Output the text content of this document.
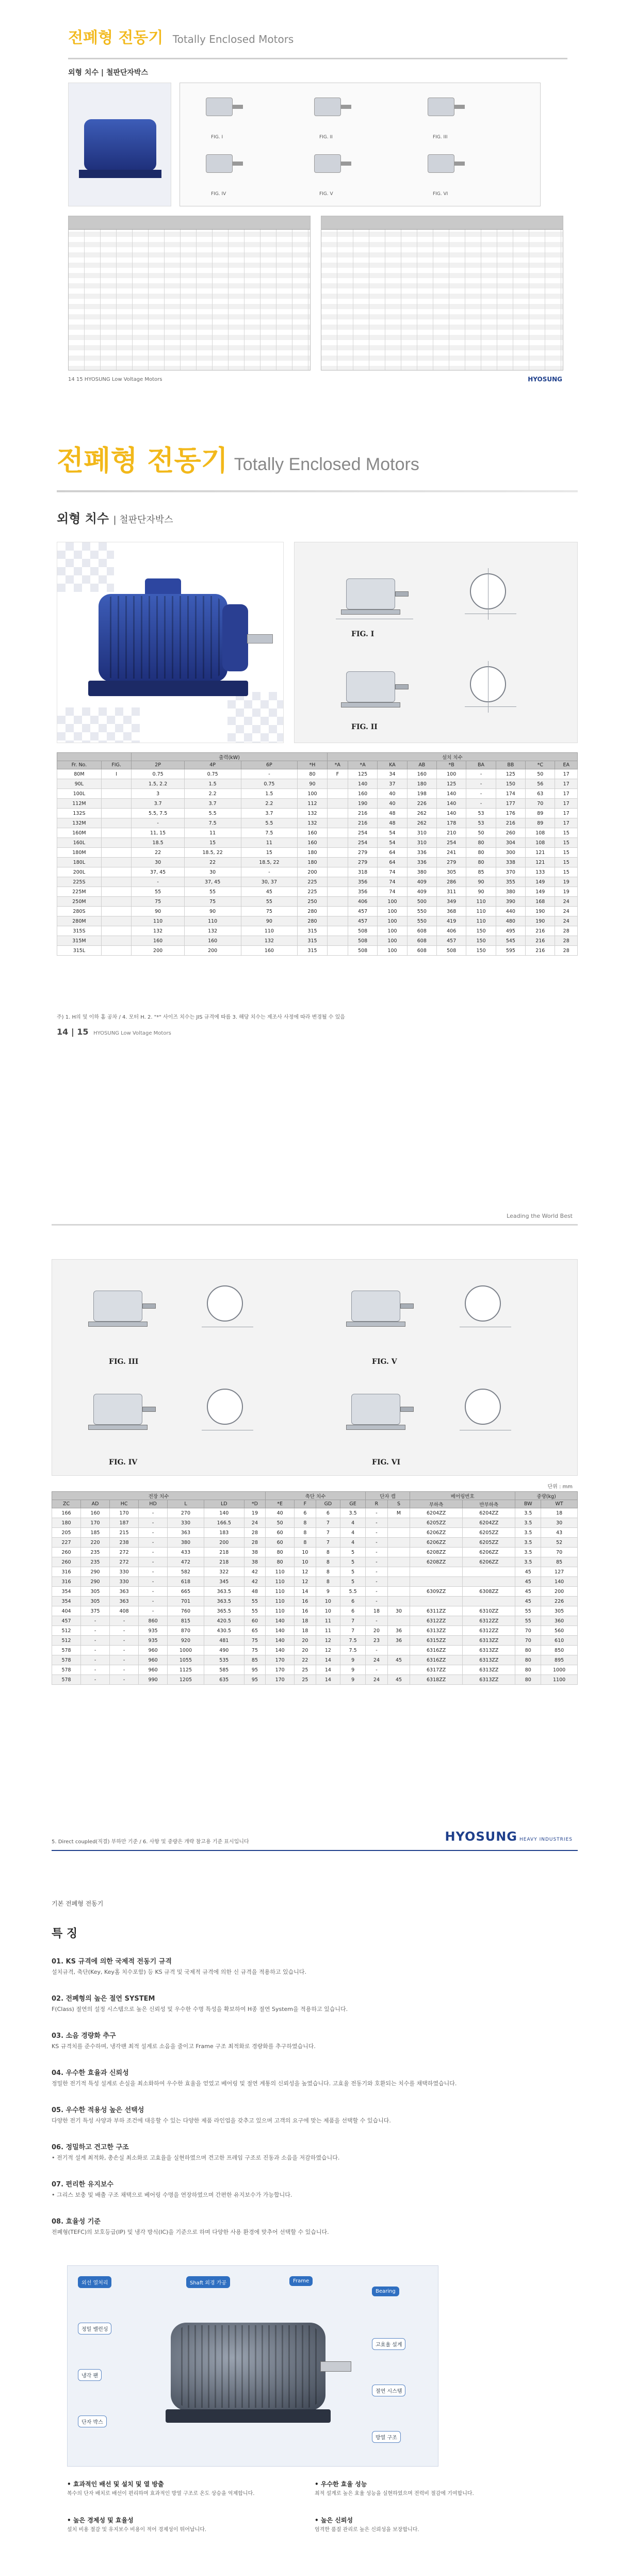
전폐형 전동기 Totally Enclosed Motors
외형 치수 | 철판단자박스
FIG. I	FIG. II	FIG. III
FIG. IV	FIG. V	FIG. VI
14 15 HYOSUNG Low Voltage Motors	HYOSUNG
전폐형 전동기 Totally Enclosed Motors
외형 치수 | 철판단자박스
FIG. I
FIG. II
		출력(kW)				설치 치수								
Fr. No.	FIG.	2P	4P	6P	*H	*A	*A	KA	AB	*B	BA	BB	*C	EA
80M	I	0.75	0.75	-	80	F	125	34	160	100	-	125	50	17
90L		1.5, 2.2	1.5	0.75	90		140	37	180	125	-	150	56	17
100L		3	2.2	1.5	100		160	40	198	140	-	174	63	17
112M		3.7	3.7	2.2	112		190	40	226	140	-	177	70	17
132S		5.5, 7.5	5.5	3.7	132		216	48	262	140	53	176	89	17
132M		-	7.5	5.5	132		216	48	262	178	53	216	89	17
160M		11, 15	11	7.5	160		254	54	310	210	50	260	108	15
160L		18.5	15	11	160		254	54	310	254	80	304	108	15
180M		22	18.5, 22	15	180		279	64	336	241	80	300	121	15
180L		30	22	18.5, 22	180		279	64	336	279	80	338	121	15
200L		37, 45	30	-	200		318	74	380	305	85	370	133	15
225S		-	37, 45	30, 37	225		356	74	409	286	90	355	149	19
225M		55	55	45	225		356	74	409	311	90	380	149	19
250M		75	75	55	250		406	100	500	349	110	390	168	24
280S		90	90	75	280		457	100	550	368	110	440	190	24
280M		110	110	90	280		457	100	550	419	110	480	190	24
315S		132	132	110	315		508	100	608	406	150	495	216	28
315M		160	160	132	315		508	100	608	457	150	545	216	28
315L		200	200	160	315		508	100	608	508	150	595	216	28
주) 1. H의 및 이하 홈 공차 / 4. 모터 H. 2. "*" 사이즈 치수는 JIS 규격에 따름 3. 해당 치수는 제조사 사정에 따라 변경될 수 있음
14 | 15 HYOSUNG Low Voltage Motors
Leading the World Best
FIG. III	FIG. V
FIG. IV	FIG. VI
단위 : mm
전장 치수							축단 치수				단자 캡		베어링번호		중량(kg)	
ZC	AD	HC	HD	L	LD	*D	*E	F	GD	GE	R	S	부하측	반부하측	BW	WT
166	160	170	-	270	140	19	40	6	6	3.5	-	M	6204ZZ	6204ZZ	3.5	18
180	170	187	-	330	166.5	24	50	8	7	4	-		6205ZZ	6204ZZ	3.5	30
205	185	215	-	363	183	28	60	8	7	4	-		6206ZZ	6205ZZ	3.5	43
227	220	238	-	380	200	28	60	8	7	4	-		6206ZZ	6205ZZ	3.5	52
260	235	272	-	433	218	38	80	10	8	5	-		6208ZZ	6206ZZ	3.5	70
260	235	272	-	472	218	38	80	10	8	5	-		6208ZZ	6206ZZ	3.5	85
316	290	330	-	582	322	42	110	12	8	5	-				45	127
316	290	330	-	618	345	42	110	12	8	5	-				45	140
354	305	363	-	665	363.5	48	110	14	9	5.5	-		6309ZZ	6308ZZ	45	200
354	305	363	-	701	363.5	55	110	16	10	6	-				45	226
404	375	408	-	760	365.5	55	110	16	10	6	18	30	6311ZZ	6310ZZ	55	305
457	-	-	860	815	420.5	60	140	18	11	7	-		6312ZZ	6312ZZ	55	360
512	-	-	935	870	430.5	65	140	18	11	7	20	36	6313ZZ	6312ZZ	70	560
512	-	-	935	920	481	75	140	20	12	7.5	23	36	6315ZZ	6313ZZ	70	610
578	-	-	960	1000	490	75	140	20	12	7.5	-		6316ZZ	6313ZZ	80	850
578	-	-	960	1055	535	85	170	22	14	9	24	45	6316ZZ	6313ZZ	80	895
578	-	-	960	1125	585	95	170	25	14	9	-		6317ZZ	6313ZZ	80	1000
578	-	-	990	1205	635	95	170	25	14	9	24	45	6318ZZ	6313ZZ	80	1100
5. Direct coupled(직결) 부하만 기준 / 6. 사항 및 중량은 개략 참고용 기준 표시입니다	HYOSUNG HEAVY INDUSTRIES
기본 전폐형 전동기
특 징
01. KS 규격에 의한 국제적 전동기 규격
설치규격, 축단(Key, Key홈 치수포함) 등 KS 규격 및 국제적 규격에 의한 신 규격을 적용하고 있습니다.
02. 전폐형의 높은 절연 SYSTEM
F(Class) 절연의 설정 시스템으로 높은 신뢰성 및 우수한 수명 특성을 확보하여 H종 절연 System을 적용하고 있습니다.
03. 소음 경량화 추구
KS 규격치를 준수하며, 냉각팬 최적 설계로 소음을 줄이고 Frame 구조 최적화로 경량화를 추구하였습니다.
04. 우수한 효율과 신뢰성
정밀한 전기적 특성 설계로 손실을 최소화하여 우수한 효율을 얻었고 베어링 및 절연 계통의 신뢰성을 높였습니다. 고효율 전동기와 호환되는 치수를 채택하였습니다.
05. 우수한 적용성 높은 선택성
다양한 전기 특성 사양과 부하 조건에 대응할 수 있는 다양한 제품 라인업을 갖추고 있으며 고객의 요구에 맞는 제품을 선택할 수 있습니다.
06. 정밀하고 견고한 구조
• 전기적 설계 최적화, 총손실 최소화로 고효율을 실현하였으며 견고한 프레임 구조로 진동과 소음을 저감하였습니다.
07. 편리한 유지보수
• 그리스 보충 및 배출 구조 채택으로 베어링 수명을 연장하였으며 간편한 유지보수가 가능합니다.
08. 효율성 기준
전폐형(TEFC)의 보호등급(IP) 및 냉각 방식(IC)을 기준으로 하며 다양한 사용 환경에 맞추어 선택할 수 있습니다.
외선 열처리	Shaft 외경 가공	Frame
Bearing
정밀 밸런싱
냉각 팬
단자 박스
고효율 설계
절연 시스템
방열 구조
• 효과적인 배선 및 설치 및 열 방출
복수의 단자 배치로 배선이 편리하며 효과적인 방열 구조로 온도 상승을 억제합니다.
• 우수한 효율 성능
최적 설계로 높은 효율 성능을 실현하였으며 전력비 절감에 기여합니다.
• 높은 경제성 및 효율성
설치 비용 절감 및 유지보수 비용이 적어 경제성이 뛰어납니다.
• 높은 신뢰성
엄격한 품질 관리로 높은 신뢰성을 보장합니다.
